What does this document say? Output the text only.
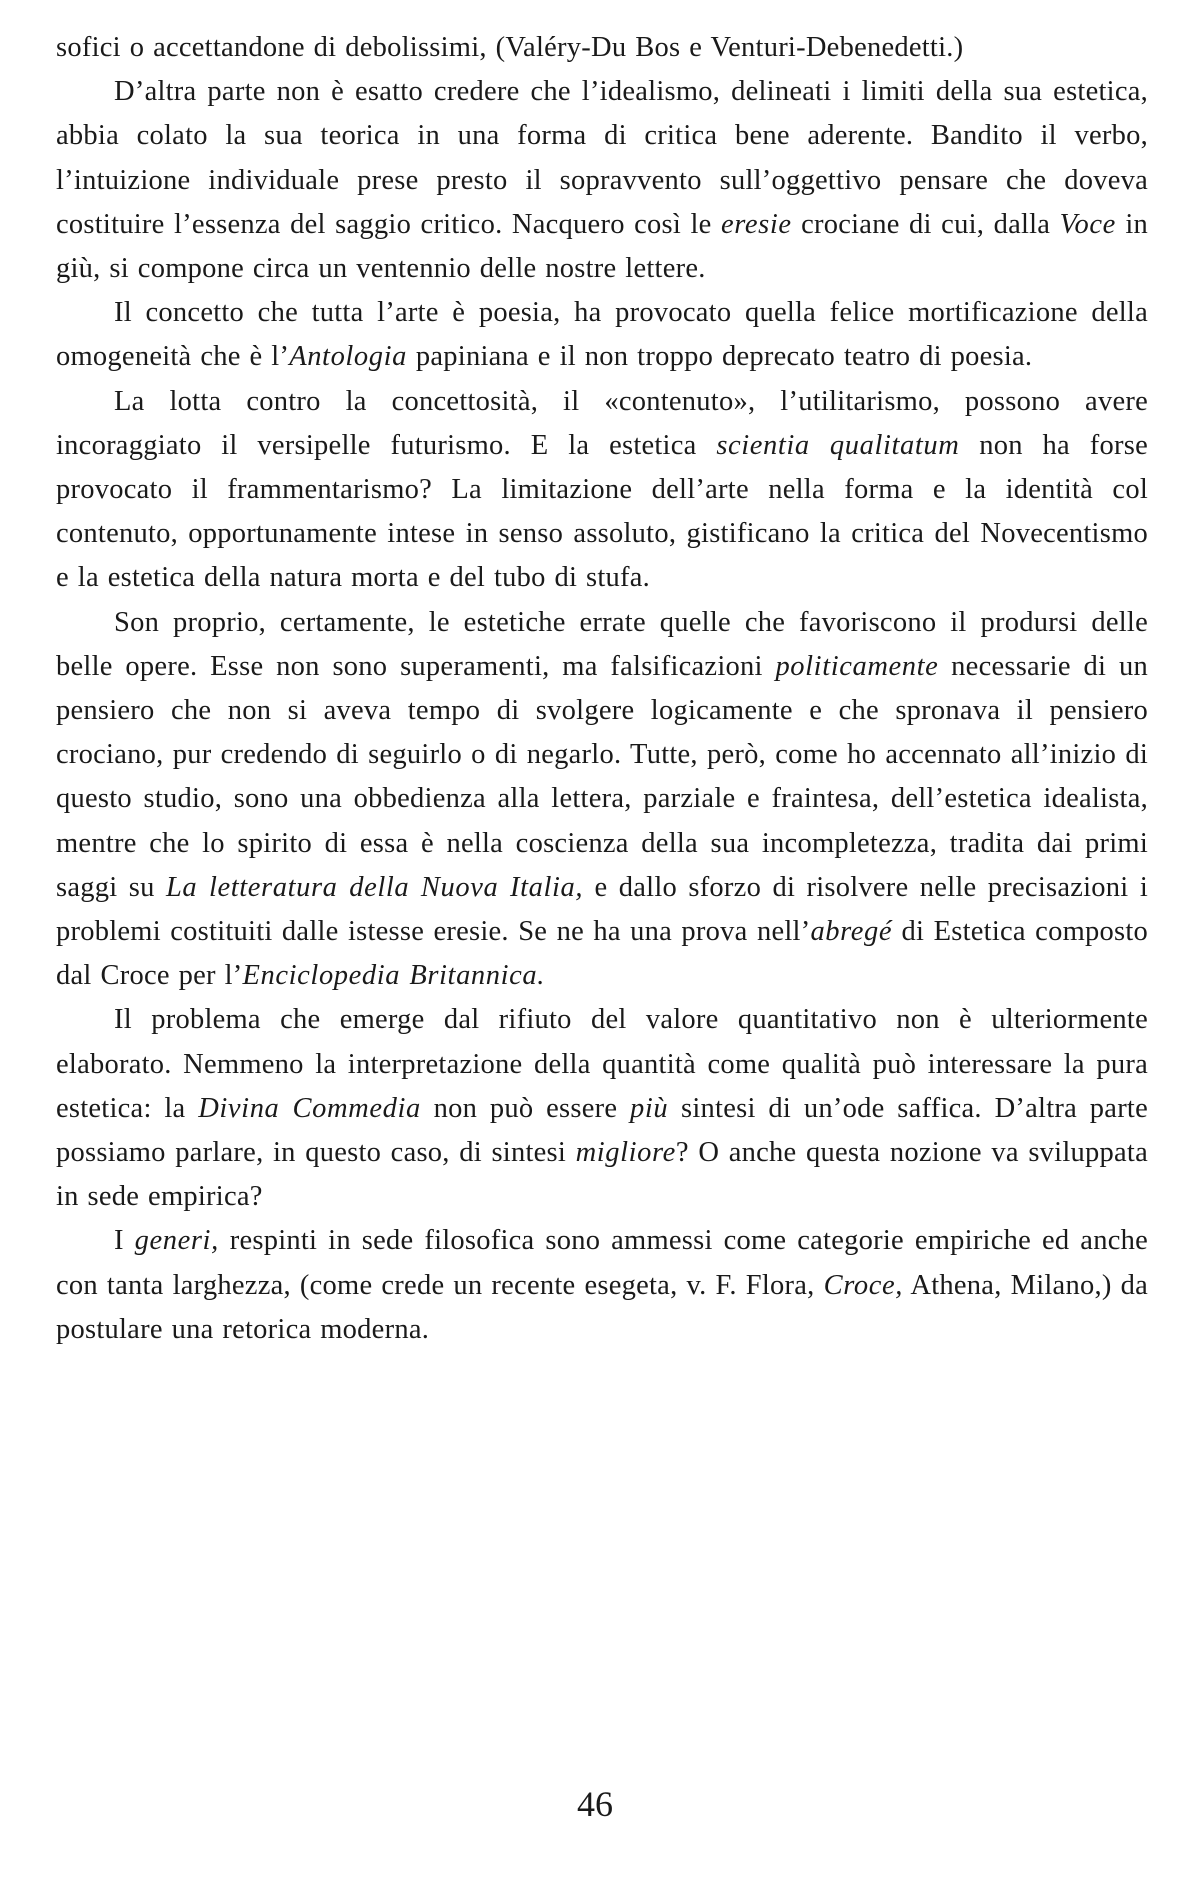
sofici o accettandone di debolissimi, (Valéry-Du Bos e Venturi-Debenedetti.)

D’altra parte non è esatto credere che l’idealismo, delineati i limiti della sua estetica, abbia colato la sua teorica in una forma di critica bene aderente. Bandito il verbo, l’intuizione individuale prese presto il sopravvento sull’oggettivo pensare che doveva costituire l’essenza del saggio critico. Nacquero così le eresie crociane di cui, dalla Voce in giù, si compone circa un ventennio delle nostre lettere.

Il concetto che tutta l’arte è poesia, ha provocato quella felice mortificazione della omogeneità che è l’Antologia papiniana e il non troppo deprecato teatro di poesia.

La lotta contro la concettosità, il «contenuto», l’utilitarismo, possono avere incoraggiato il versipelle futurismo. E la estetica scientia qualitatum non ha forse provocato il frammentarismo? La limitazione dell’arte nella forma e la identità col contenuto, opportunamente intese in senso assoluto, gistificano la critica del Novecentismo e la estetica della natura morta e del tubo di stufa.

Son proprio, certamente, le estetiche errate quelle che favoriscono il prodursi delle belle opere. Esse non sono superamenti, ma falsificazioni politicamente necessarie di un pensiero che non si aveva tempo di svolgere logicamente e che spronava il pensiero crociano, pur credendo di seguirlo o di negarlo. Tutte, però, come ho accennato all’inizio di questo studio, sono una obbedienza alla lettera, parziale e fraintesa, dell’estetica idealista, mentre che lo spirito di essa è nella coscienza della sua incompletezza, tradita dai primi saggi su La letteratura della Nuova Italia, e dallo sforzo di risolvere nelle precisazioni i problemi costituiti dalle istesse eresie. Se ne ha una prova nell’abregé di Estetica composto dal Croce per l’Enciclopedia Britannica.

Il problema che emerge dal rifiuto del valore quantitativo non è ulteriormente elaborato. Nemmeno la interpretazione della quantità come qualità può interessare la pura estetica: la Divina Commedia non può essere più sintesi di un’ode saffica. D’altra parte possiamo parlare, in questo caso, di sintesi migliore? O anche questa nozione va sviluppata in sede empirica?

I generi, respinti in sede filosofica sono ammessi come categorie empiriche ed anche con tanta larghezza, (come crede un recente esegeta, v. F. Flora, Croce, Athena, Milano,) da postulare una retorica moderna.

46
